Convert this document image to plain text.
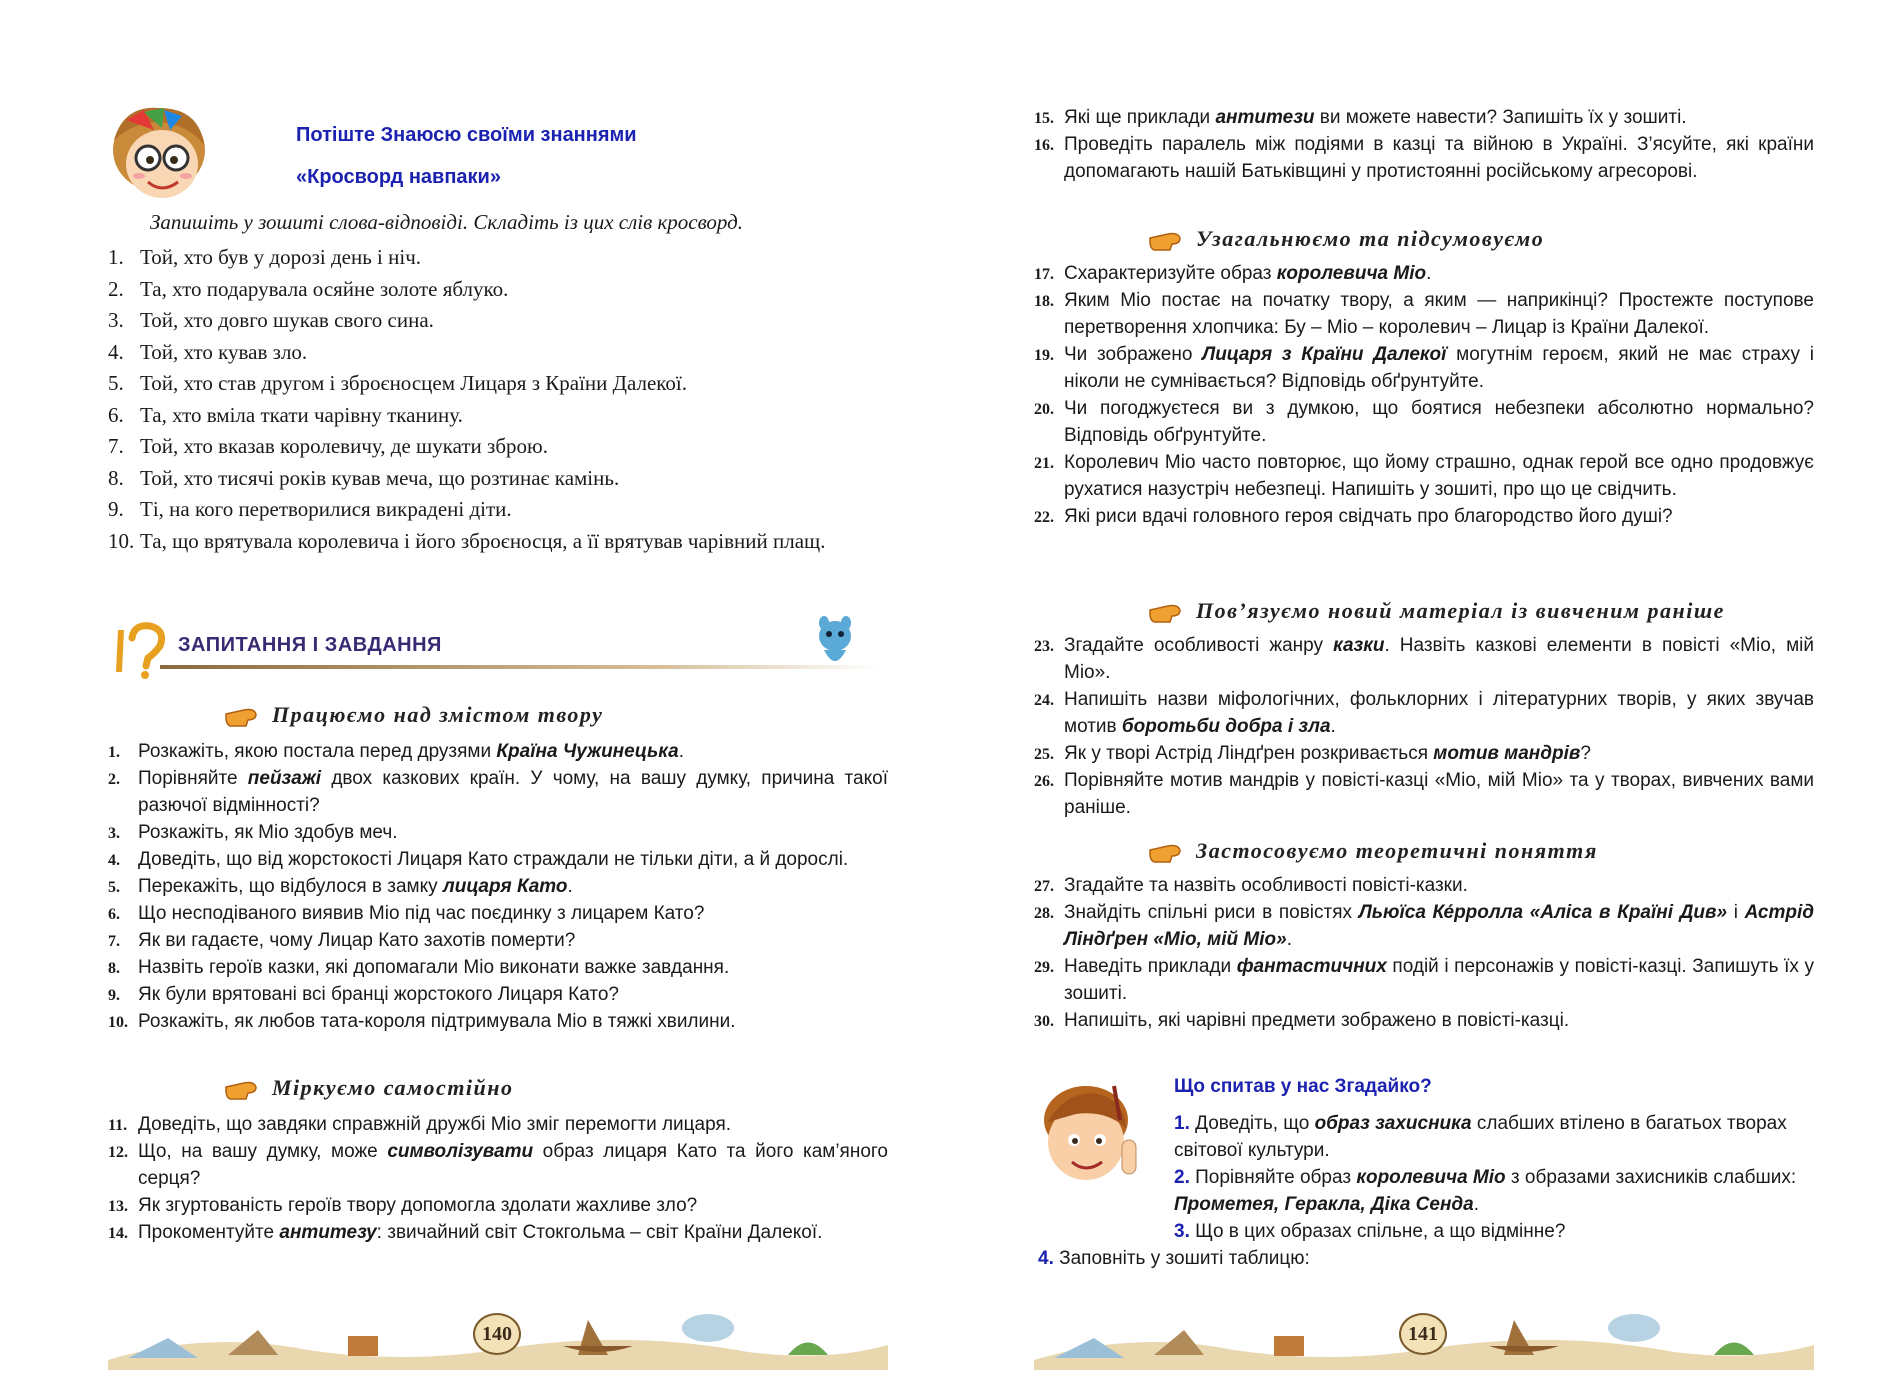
Потіште Знаюсю своїми знаннями
«Кросворд навпаки»
Запишіть у зошиті слова-відповіді. Складіть із цих слів кросворд.
1. Той, хто був у дорозі день і ніч.
2. Та, хто подарувала осяйне золоте яблуко.
3. Той, хто довго шукав свого сина.
4. Той, хто кував зло.
5. Той, хто став другом і зброєносцем Лицаря з Країни Далекої.
6. Та, хто вміла ткати чарівну тканину.
7. Той, хто вказав королевичу, де шукати зброю.
8. Той, хто тисячі років кував меча, що розтинає камінь.
9. Ті, на кого перетворилися викрадені діти.
10. Та, що врятувала королевича і його зброєносця, а її врятував чарівний плащ.
ЗАПИТАННЯ І ЗАВДАННЯ
Працюємо над змістом твору
1. Розкажіть, якою постала перед друзями Країна Чужинецька.
2. Порівняйте пейзажі двох казкових країн. У чому, на вашу думку, причина такої разючої відмінності?
3. Розкажіть, як Міо здобув меч.
4. Доведіть, що від жорстокості Лицаря Като страждали не тільки діти, а й дорослі.
5. Перекажіть, що відбулося в замку лицаря Като.
6. Що несподіваного виявив Міо під час поєдинку з лицарем Като?
7. Як ви гадаєте, чому Лицар Като захотів померти?
8. Назвіть героїв казки, які допомагали Міо виконати важке завдання.
9. Як були врятовані всі бранці жорстокого Лицаря Като?
10. Розкажіть, як любов тата-короля підтримувала Міо в тяжкі хвилини.
Міркуємо самостійно
11. Доведіть, що завдяки справжній дружбі Міо зміг перемогти лицаря.
12. Що, на вашу думку, може символізувати образ лицаря Като та його кам’яного серця?
13. Як згуртованість героїв твору допомогла здолати жахливе зло?
14. Прокоментуйте антитезу: звичайний світ Стокгольма – світ Країни Далекої.
140
15. Які ще приклади антитези ви можете навести? Запишіть їх у зошиті.
16. Проведіть паралель між подіями в казці та війною в Україні. З’ясуйте, які країни допомагають нашій Батьківщині у протистоянні російському агресорові.
Узагальнюємо та підсумовуємо
17. Схарактеризуйте образ королевича Міо.
18. Яким Міо постає на початку твору, а яким — наприкінці? Простежте поступове перетворення хлопчика: Бу – Міо – королевич – Лицар із Країни Далекої.
19. Чи зображено Лицаря з Країни Далекої могутнім героєм, який не має страху і ніколи не сумнівається? Відповідь обґрунтуйте.
20. Чи погоджуєтеся ви з думкою, що боятися небезпеки абсолютно нормально? Відповідь обґрунтуйте.
21. Королевич Міо часто повторює, що йому страшно, однак герой все одно продовжує рухатися назустріч небезпеці. Напишіть у зошиті, про що це свідчить.
22. Які риси вдачі головного героя свідчать про благородство його душі?
Пов’язуємо новий матеріал із вивченим раніше
23. Згадайте особливості жанру казки. Назвіть казкові елементи в повісті «Міо, мій Міо».
24. Напишіть назви міфологічних, фольклорних і літературних творів, у яких звучав мотив боротьби добра і зла.
25. Як у творі Астрід Ліндґрен розкривається мотив мандрів?
26. Порівняйте мотив мандрів у повісті-казці «Міо, мій Міо» та у творах, вивчених вами раніше.
Застосовуємо теоретичні поняття
27. Згадайте та назвіть особливості повісті-казки.
28. Знайдіть спільні риси в повістях Льюїса Ке́рролла «Аліса в Країні Див» і Астрід Ліндґрен «Міо, мій Міо».
29. Наведіть приклади фантастичних подій і персонажів у повісті-казці. Запишуть їх у зошиті.
30. Напишіть, які чарівні предмети зображено в повісті-казці.
Що спитав у нас Згадайко?
1. Доведіть, що образ захисника слабших втілено в багатьох творах світової культури.
2. Порівняйте образ королевича Міо з образами захисників слабших: Прометея, Геракла, Діка Сенда.
3. Що в цих образах спільне, а що відмінне?
4. Заповніть у зошиті таблицю:
141
